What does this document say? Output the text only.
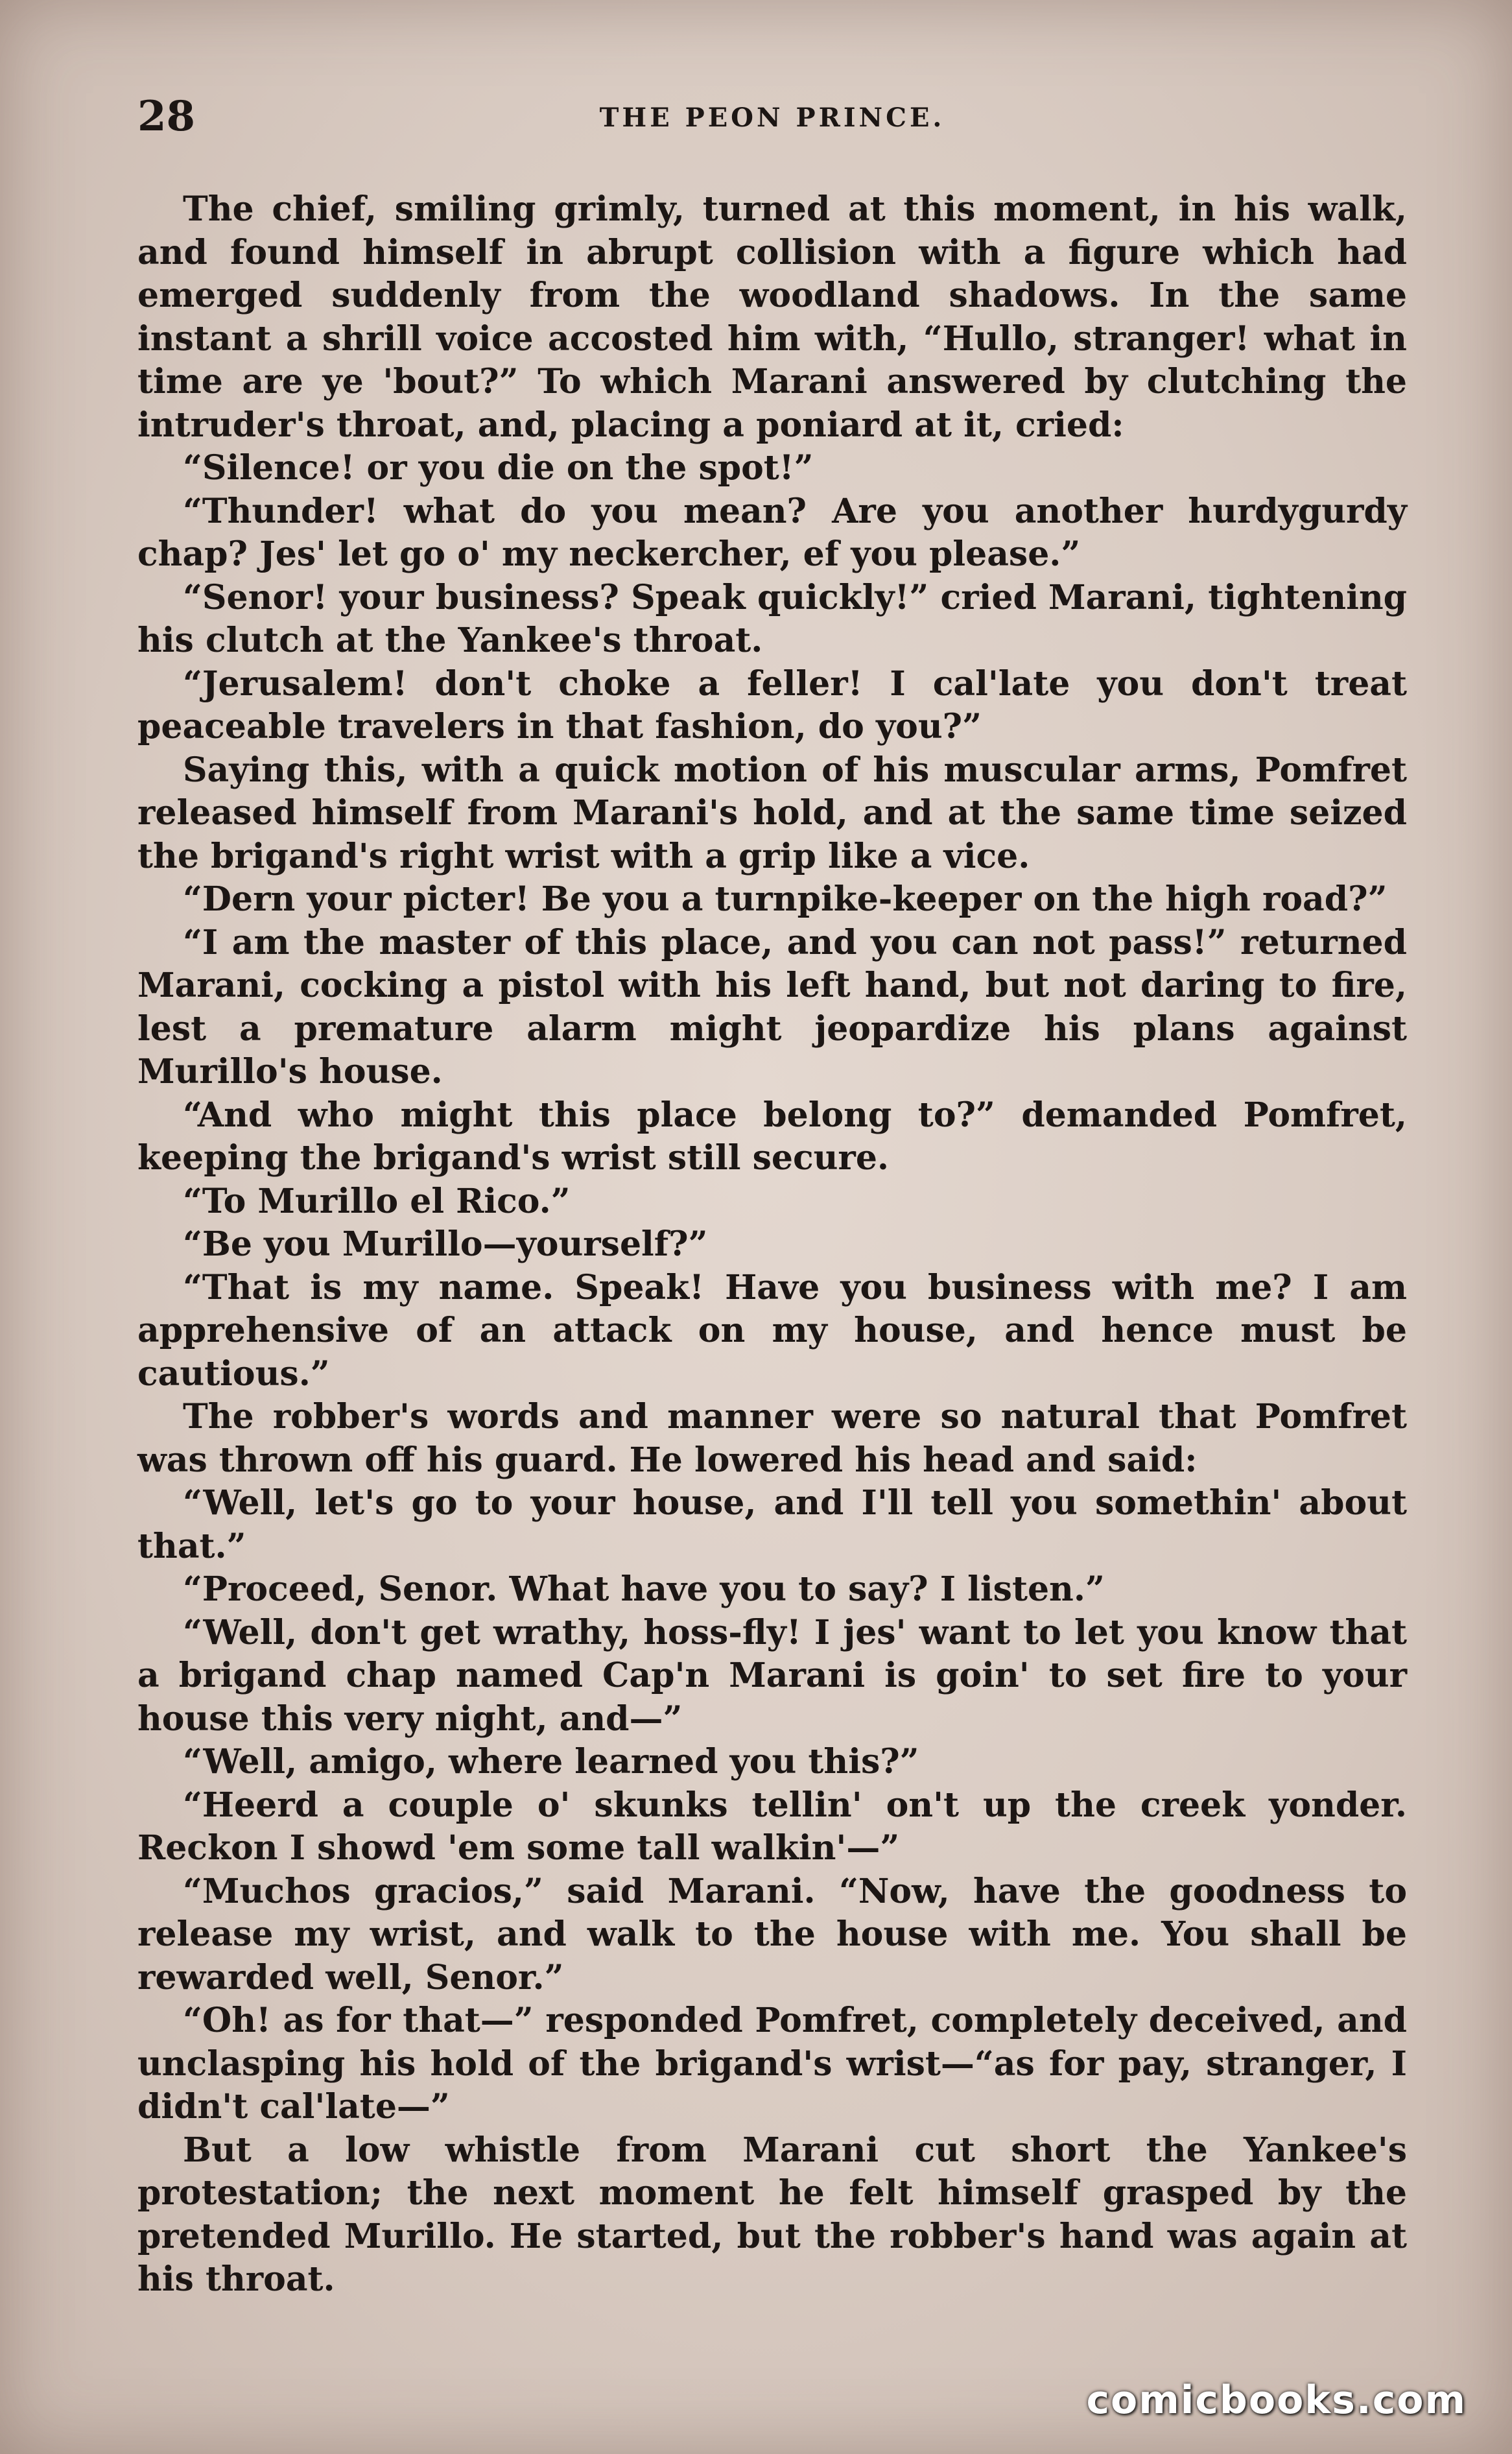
28	THE PEON PRINCE.

The chief, smiling grimly, turned at this moment, in his walk, and found himself in abrupt collision with a figure which had emerged suddenly from the woodland shadows. In the same instant a shrill voice accosted him with, “Hullo, stranger! what in time are ye 'bout?” To which Marani answered by clutching the intruder's throat, and, placing a poniard at it, cried:

“Silence! or you die on the spot!”

“Thunder! what do you mean? Are you another hurdygurdy chap? Jes' let go o' my neckercher, ef you please.”

“Senor! your business? Speak quickly!” cried Marani, tightening his clutch at the Yankee's throat.

“Jerusalem! don't choke a feller! I cal'late you don't treat peaceable travelers in that fashion, do you?”

Saying this, with a quick motion of his muscular arms, Pomfret released himself from Marani's hold, and at the same time seized the brigand's right wrist with a grip like a vice.

“Dern your picter! Be you a turnpike-keeper on the high road?”

“I am the master of this place, and you can not pass!” returned Marani, cocking a pistol with his left hand, but not daring to fire, lest a premature alarm might jeopardize his plans against Murillo's house.

“And who might this place belong to?” demanded Pomfret, keeping the brigand's wrist still secure.

“To Murillo el Rico.”

“Be you Murillo—yourself?”

“That is my name. Speak! Have you business with me? I am apprehensive of an attack on my house, and hence must be cautious.”

The robber's words and manner were so natural that Pomfret was thrown off his guard. He lowered his head and said:

“Well, let's go to your house, and I'll tell you somethin' about that.”

“Proceed, Senor. What have you to say? I listen.”

“Well, don't get wrathy, hoss-fly! I jes' want to let you know that a brigand chap named Cap'n Marani is goin' to set fire to your house this very night, and—”

“Well, amigo, where learned you this?”

“Heerd a couple o' skunks tellin' on't up the creek yonder. Reckon I showd 'em some tall walkin'—”

“Muchos gracios,” said Marani. “Now, have the goodness to release my wrist, and walk to the house with me. You shall be rewarded well, Senor.”

“Oh! as for that—” responded Pomfret, completely deceived, and unclasping his hold of the brigand's wrist—“as for pay, stranger, I didn't cal'late—”

But a low whistle from Marani cut short the Yankee's protestation; the next moment he felt himself grasped by the pretended Murillo. He started, but the robber's hand was again at his throat.

comicbooks.com
